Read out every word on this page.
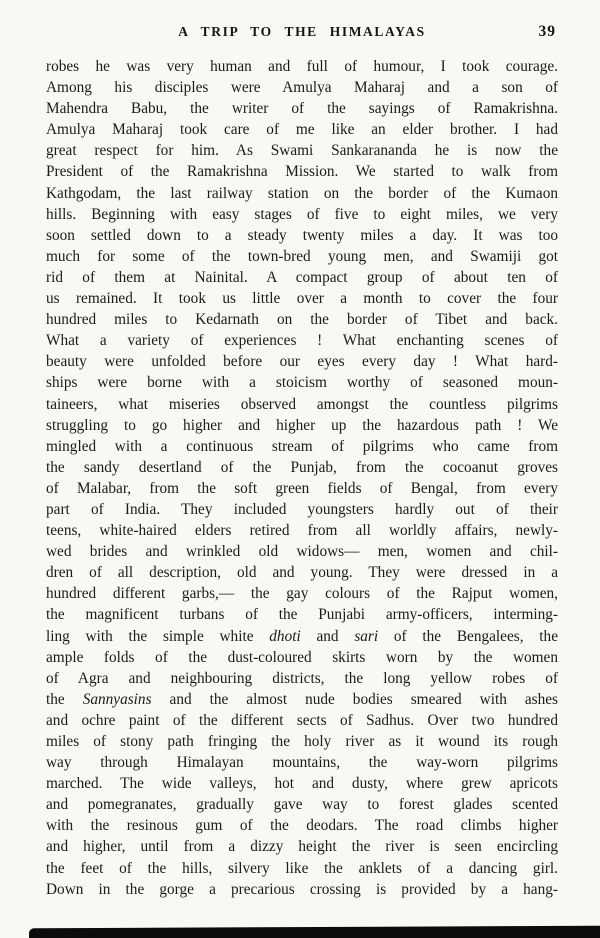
A TRIP TO THE HIMALAYAS	39
robes he was very human and full of humour, I took courage.
Among his disciples were Amulya Maharaj and a son of
Mahendra Babu, the writer of the sayings of Ramakrishna.
Amulya Maharaj took care of me like an elder brother. I had
great respect for him. As Swami Sankarananda he is now the
President of the Ramakrishna Mission. We started to walk from
Kathgodam, the last railway station on the border of the Kumaon
hills. Beginning with easy stages of five to eight miles, we very
soon settled down to a steady twenty miles a day. It was too
much for some of the town-bred young men, and Swamiji got
rid of them at Nainital. A compact group of about ten of
us remained. It took us little over a month to cover the four
hundred miles to Kedarnath on the border of Tibet and back.
What a variety of experiences ! What enchanting scenes of
beauty were unfolded before our eyes every day ! What hard-
ships were borne with a stoicism worthy of seasoned moun-
taineers, what miseries observed amongst the countless pilgrims
struggling to go higher and higher up the hazardous path ! We
mingled with a continuous stream of pilgrims who came from
the sandy desertland of the Punjab, from the cocoanut groves
of Malabar, from the soft green fields of Bengal, from every
part of India. They included youngsters hardly out of their
teens, white-haired elders retired from all worldly affairs, newly-
wed brides and wrinkled old widows— men, women and chil-
dren of all description, old and young. They were dressed in a
hundred different garbs,— the gay colours of the Rajput women,
the magnificent turbans of the Punjabi army-officers, interming-
ling with the simple white dhoti and sari of the Bengalees, the
ample folds of the dust-coloured skirts worn by the women
of Agra and neighbouring districts, the long yellow robes of
the Sannyasins and the almost nude bodies smeared with ashes
and ochre paint of the different sects of Sadhus. Over two hundred
miles of stony path fringing the holy river as it wound its rough
way through Himalayan mountains, the way-worn pilgrims
marched. The wide valleys, hot and dusty, where grew apricots
and pomegranates, gradually gave way to forest glades scented
with the resinous gum of the deodars. The road climbs higher
and higher, until from a dizzy height the river is seen encircling
the feet of the hills, silvery like the anklets of a dancing girl.
Down in the gorge a precarious crossing is provided by a hang-
